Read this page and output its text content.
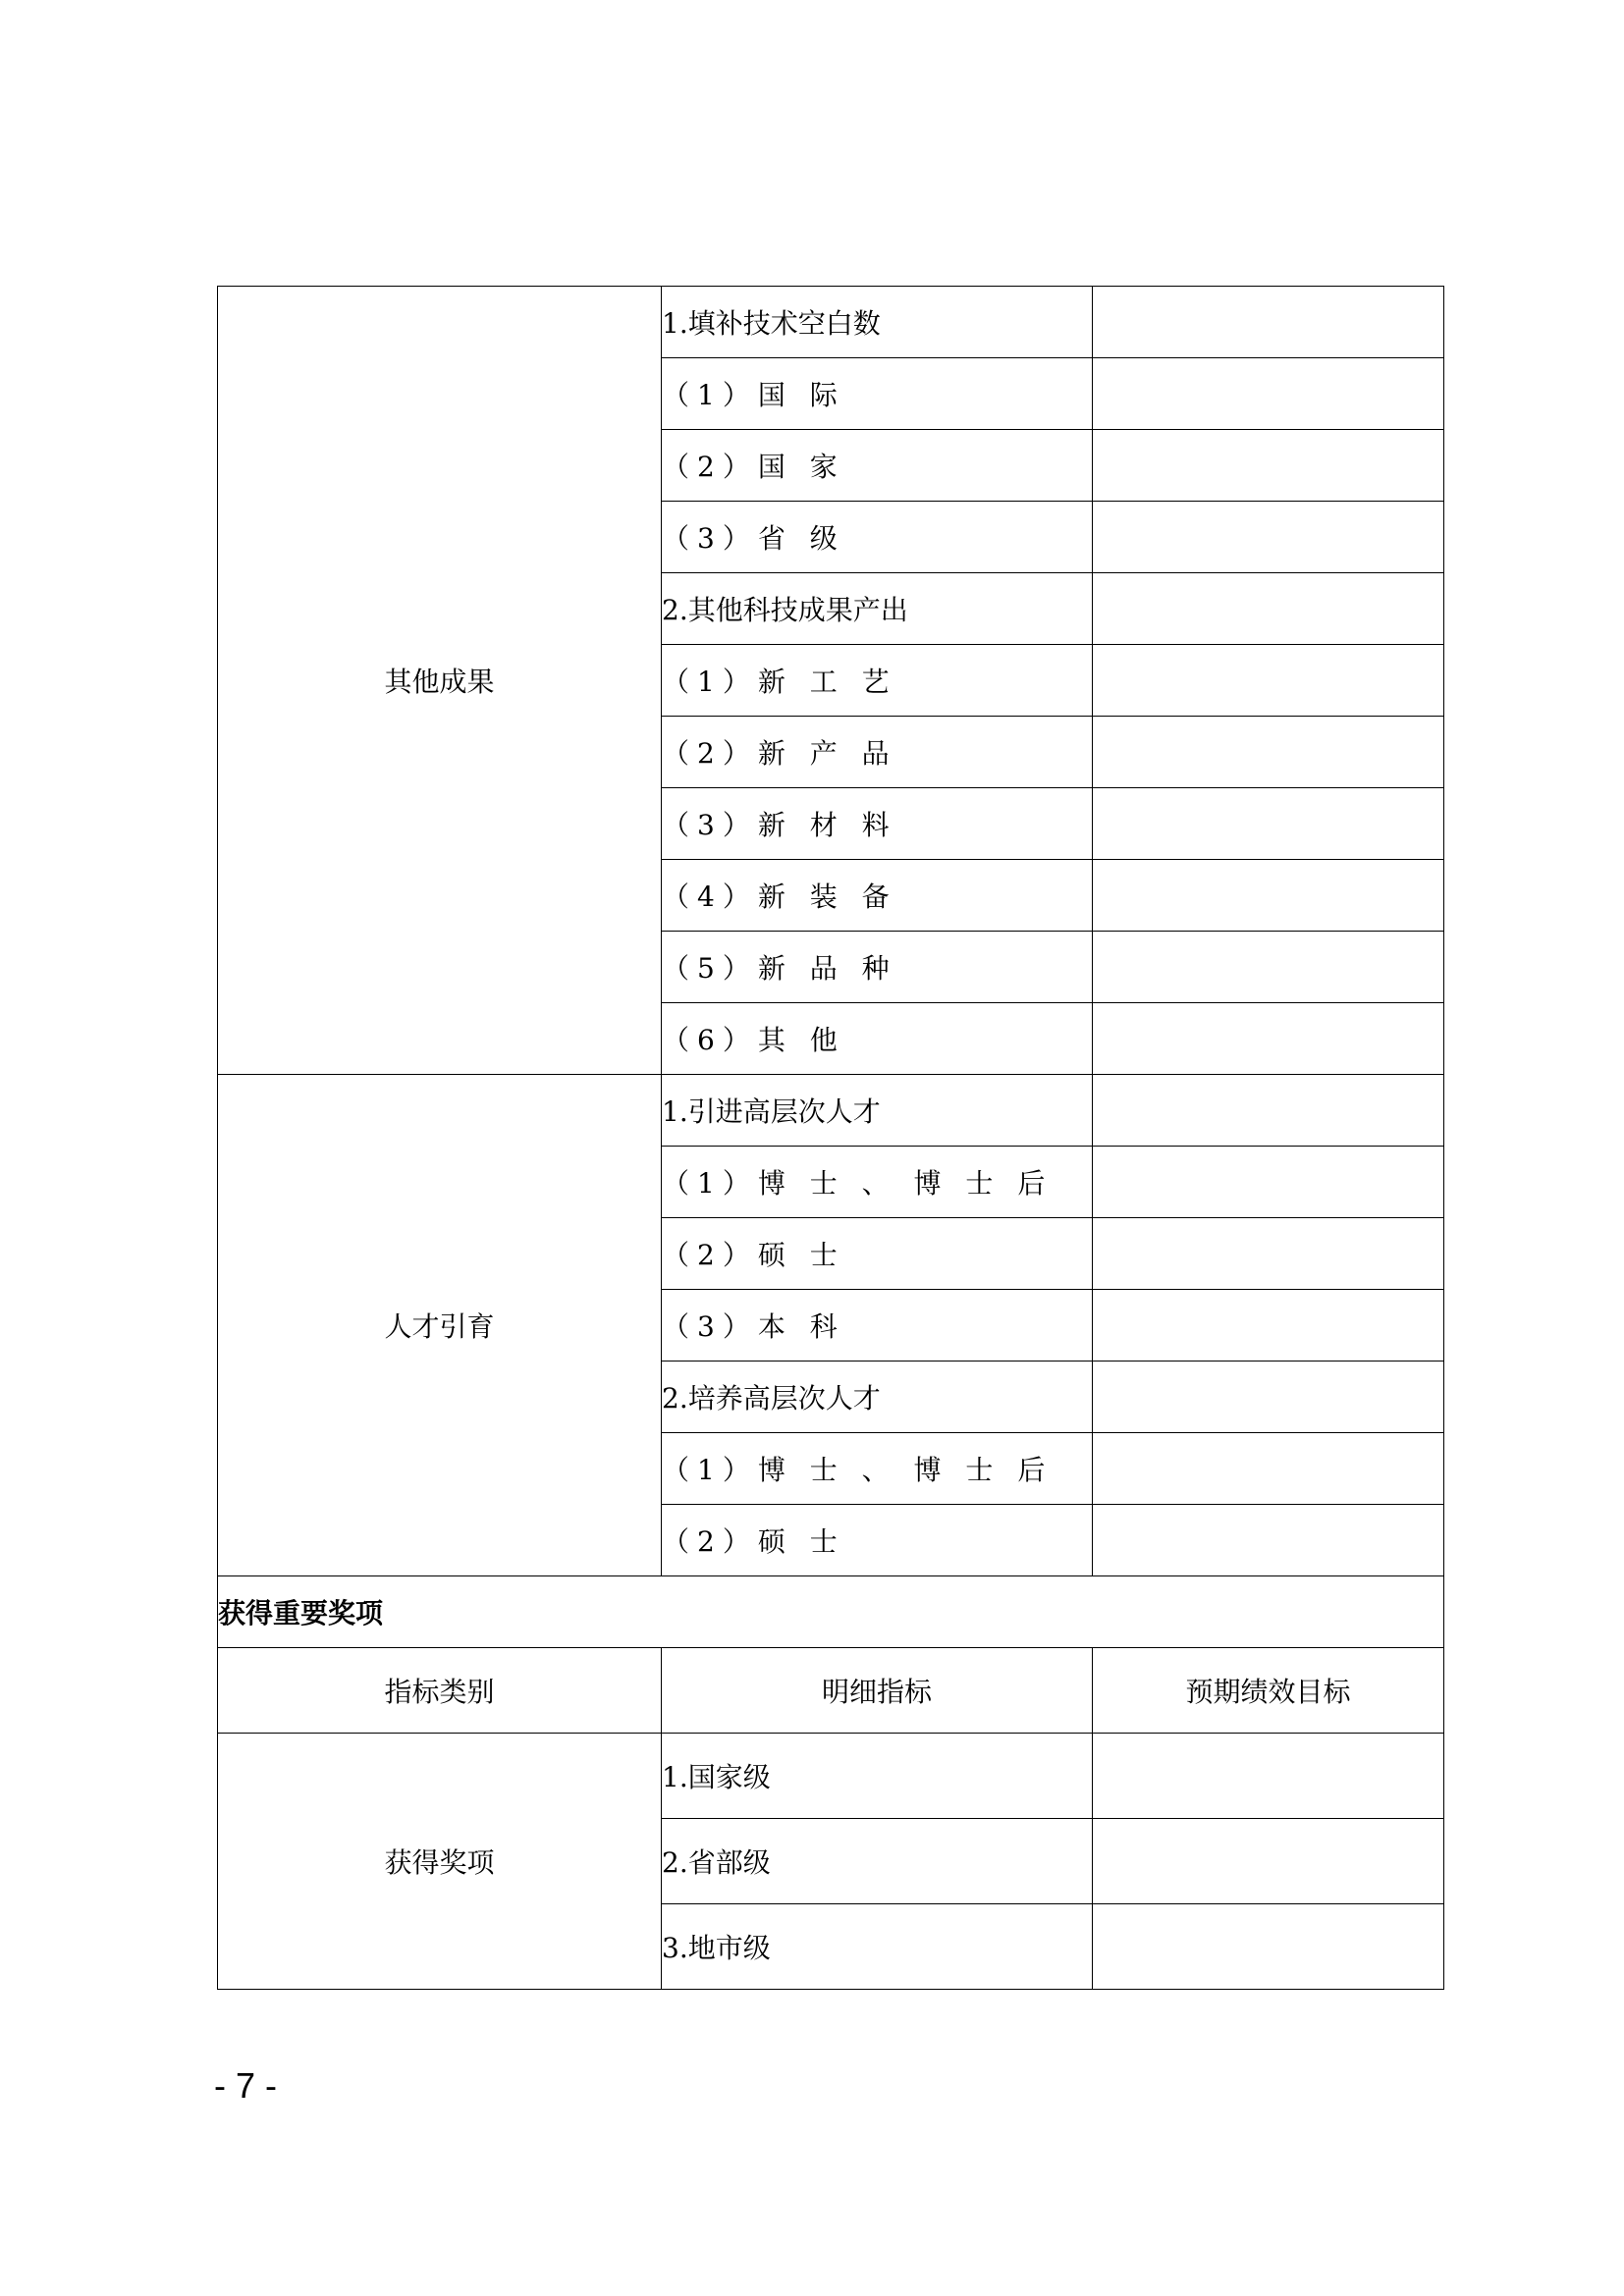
其他成果	1.填补技术空白数	
	（1）国 际	
	（2）国 家	
	（3）省 级	
	2.其他科技成果产出	
	（1）新 工 艺	
	（2）新 产 品	
	（3）新 材 料	
	（4）新 装 备	
	（5）新 品 种	
	（6）其 他	
人才引育	1.引进高层次人才	
	（1）博 士 、 博 士 后	
	（2）硕 士	
	（3）本 科	
	2.培养高层次人才	
	（1）博 士 、 博 士 后	
	（2）硕 士	
获得重要奖项		
指标类别	明细指标	预期绩效目标
获得奖项	1.国家级	
	2.省部级	
	3.地市级	
- 7 -
